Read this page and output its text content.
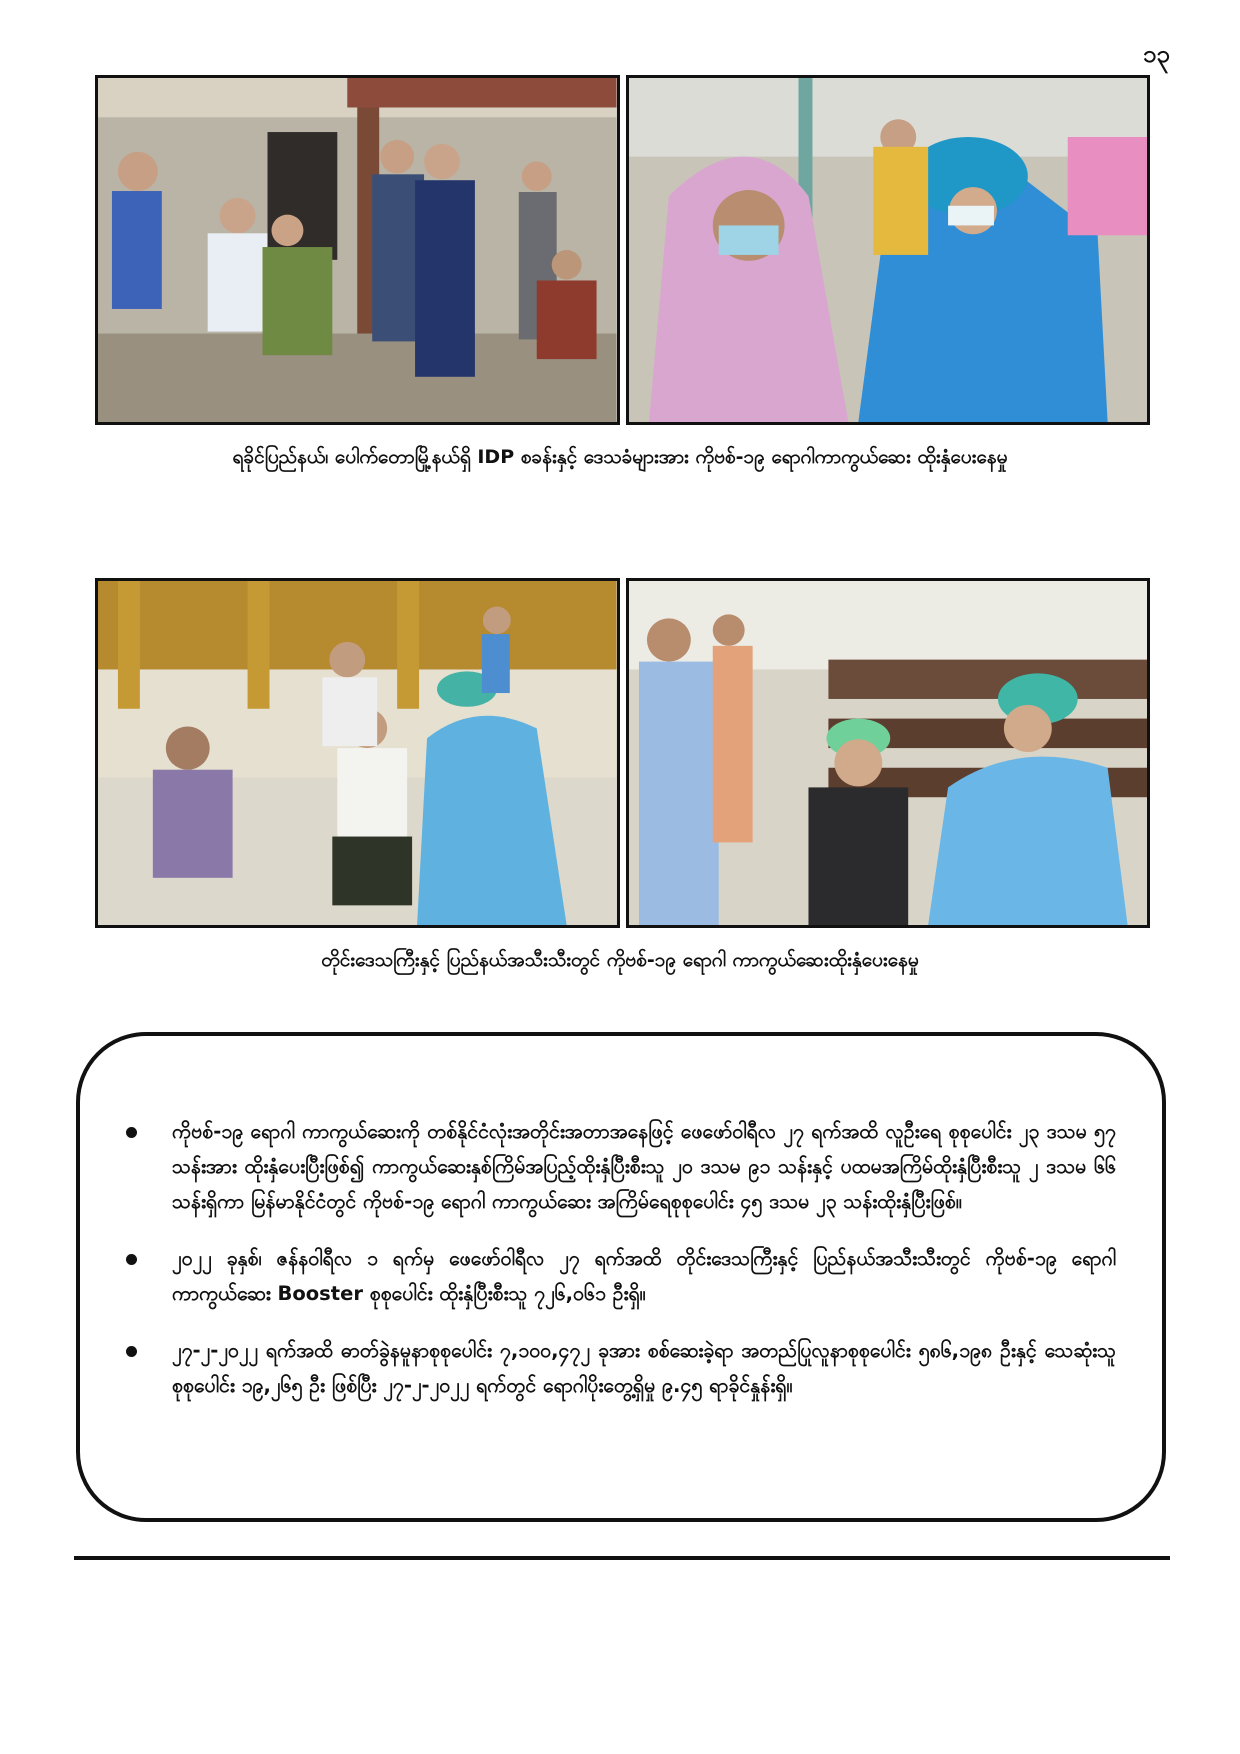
၁၃
ရခိုင်ပြည်နယ်၊ ပေါက်တောမြို့နယ်ရှိ IDP စခန်းနှင့် ဒေသခံများအား ကိုဗစ်-၁၉ ရောဂါကာကွယ်ဆေး ထိုးနှံပေးနေမှု
တိုင်းဒေသကြီးနှင့် ပြည်နယ်အသီးသီးတွင် ကိုဗစ်-၁၉ ရောဂါ ကာကွယ်ဆေးထိုးနှံပေးနေမှု
ကိုဗစ်-၁၉ ရောဂါ ကာကွယ်ဆေးကို တစ်နိုင်ငံလုံးအတိုင်းအတာအနေဖြင့် ဖေဖော်ဝါရီလ ၂၇ ရက်အထိ လူဦးရေ စုစုပေါင်း ၂၃ ဒသမ ၅၇ သန်းအား ထိုးနှံပေးပြီးဖြစ်၍ ကာကွယ်ဆေးနှစ်ကြိမ်အပြည့်ထိုးနှံပြီးစီးသူ ၂၀ ဒသမ ၉၁ သန်းနှင့် ပထမအကြိမ်ထိုးနှံပြီးစီးသူ ၂ ဒသမ ၆၆ သန်းရှိကာ မြန်မာနိုင်ငံတွင် ကိုဗစ်-၁၉ ရောဂါ ကာကွယ်ဆေး အကြိမ်ရေစုစုပေါင်း ၄၅ ဒသမ ၂၃ သန်းထိုးနှံပြီးဖြစ်။
၂၀၂၂ ခုနှစ်၊ ဇန်နဝါရီလ ၁ ရက်မှ ဖေဖော်ဝါရီလ ၂၇ ရက်အထိ တိုင်းဒေသကြီးနှင့် ပြည်နယ်အသီးသီးတွင် ကိုဗစ်-၁၉ ရောဂါ ကာကွယ်ဆေး Booster စုစုပေါင်း ထိုးနှံပြီးစီးသူ ၇၂၆,၀၆၁ ဦးရှိ။
၂၇-၂-၂၀၂၂ ရက်အထိ ဓာတ်ခွဲနမူနာစုစုပေါင်း ၇,၁၀၀,၄၇၂ ခုအား စစ်ဆေးခဲ့ရာ အတည်ပြုလူနာစုစုပေါင်း ၅၈၆,၁၉၈ ဦးနှင့် သေဆုံးသူစုစုပေါင်း ၁၉,၂၆၅ ဦး ဖြစ်ပြီး ၂၇-၂-၂၀၂၂ ရက်တွင် ရောဂါပိုးတွေ့ရှိမှု ၉.၄၅ ရာခိုင်နှုန်းရှိ။
